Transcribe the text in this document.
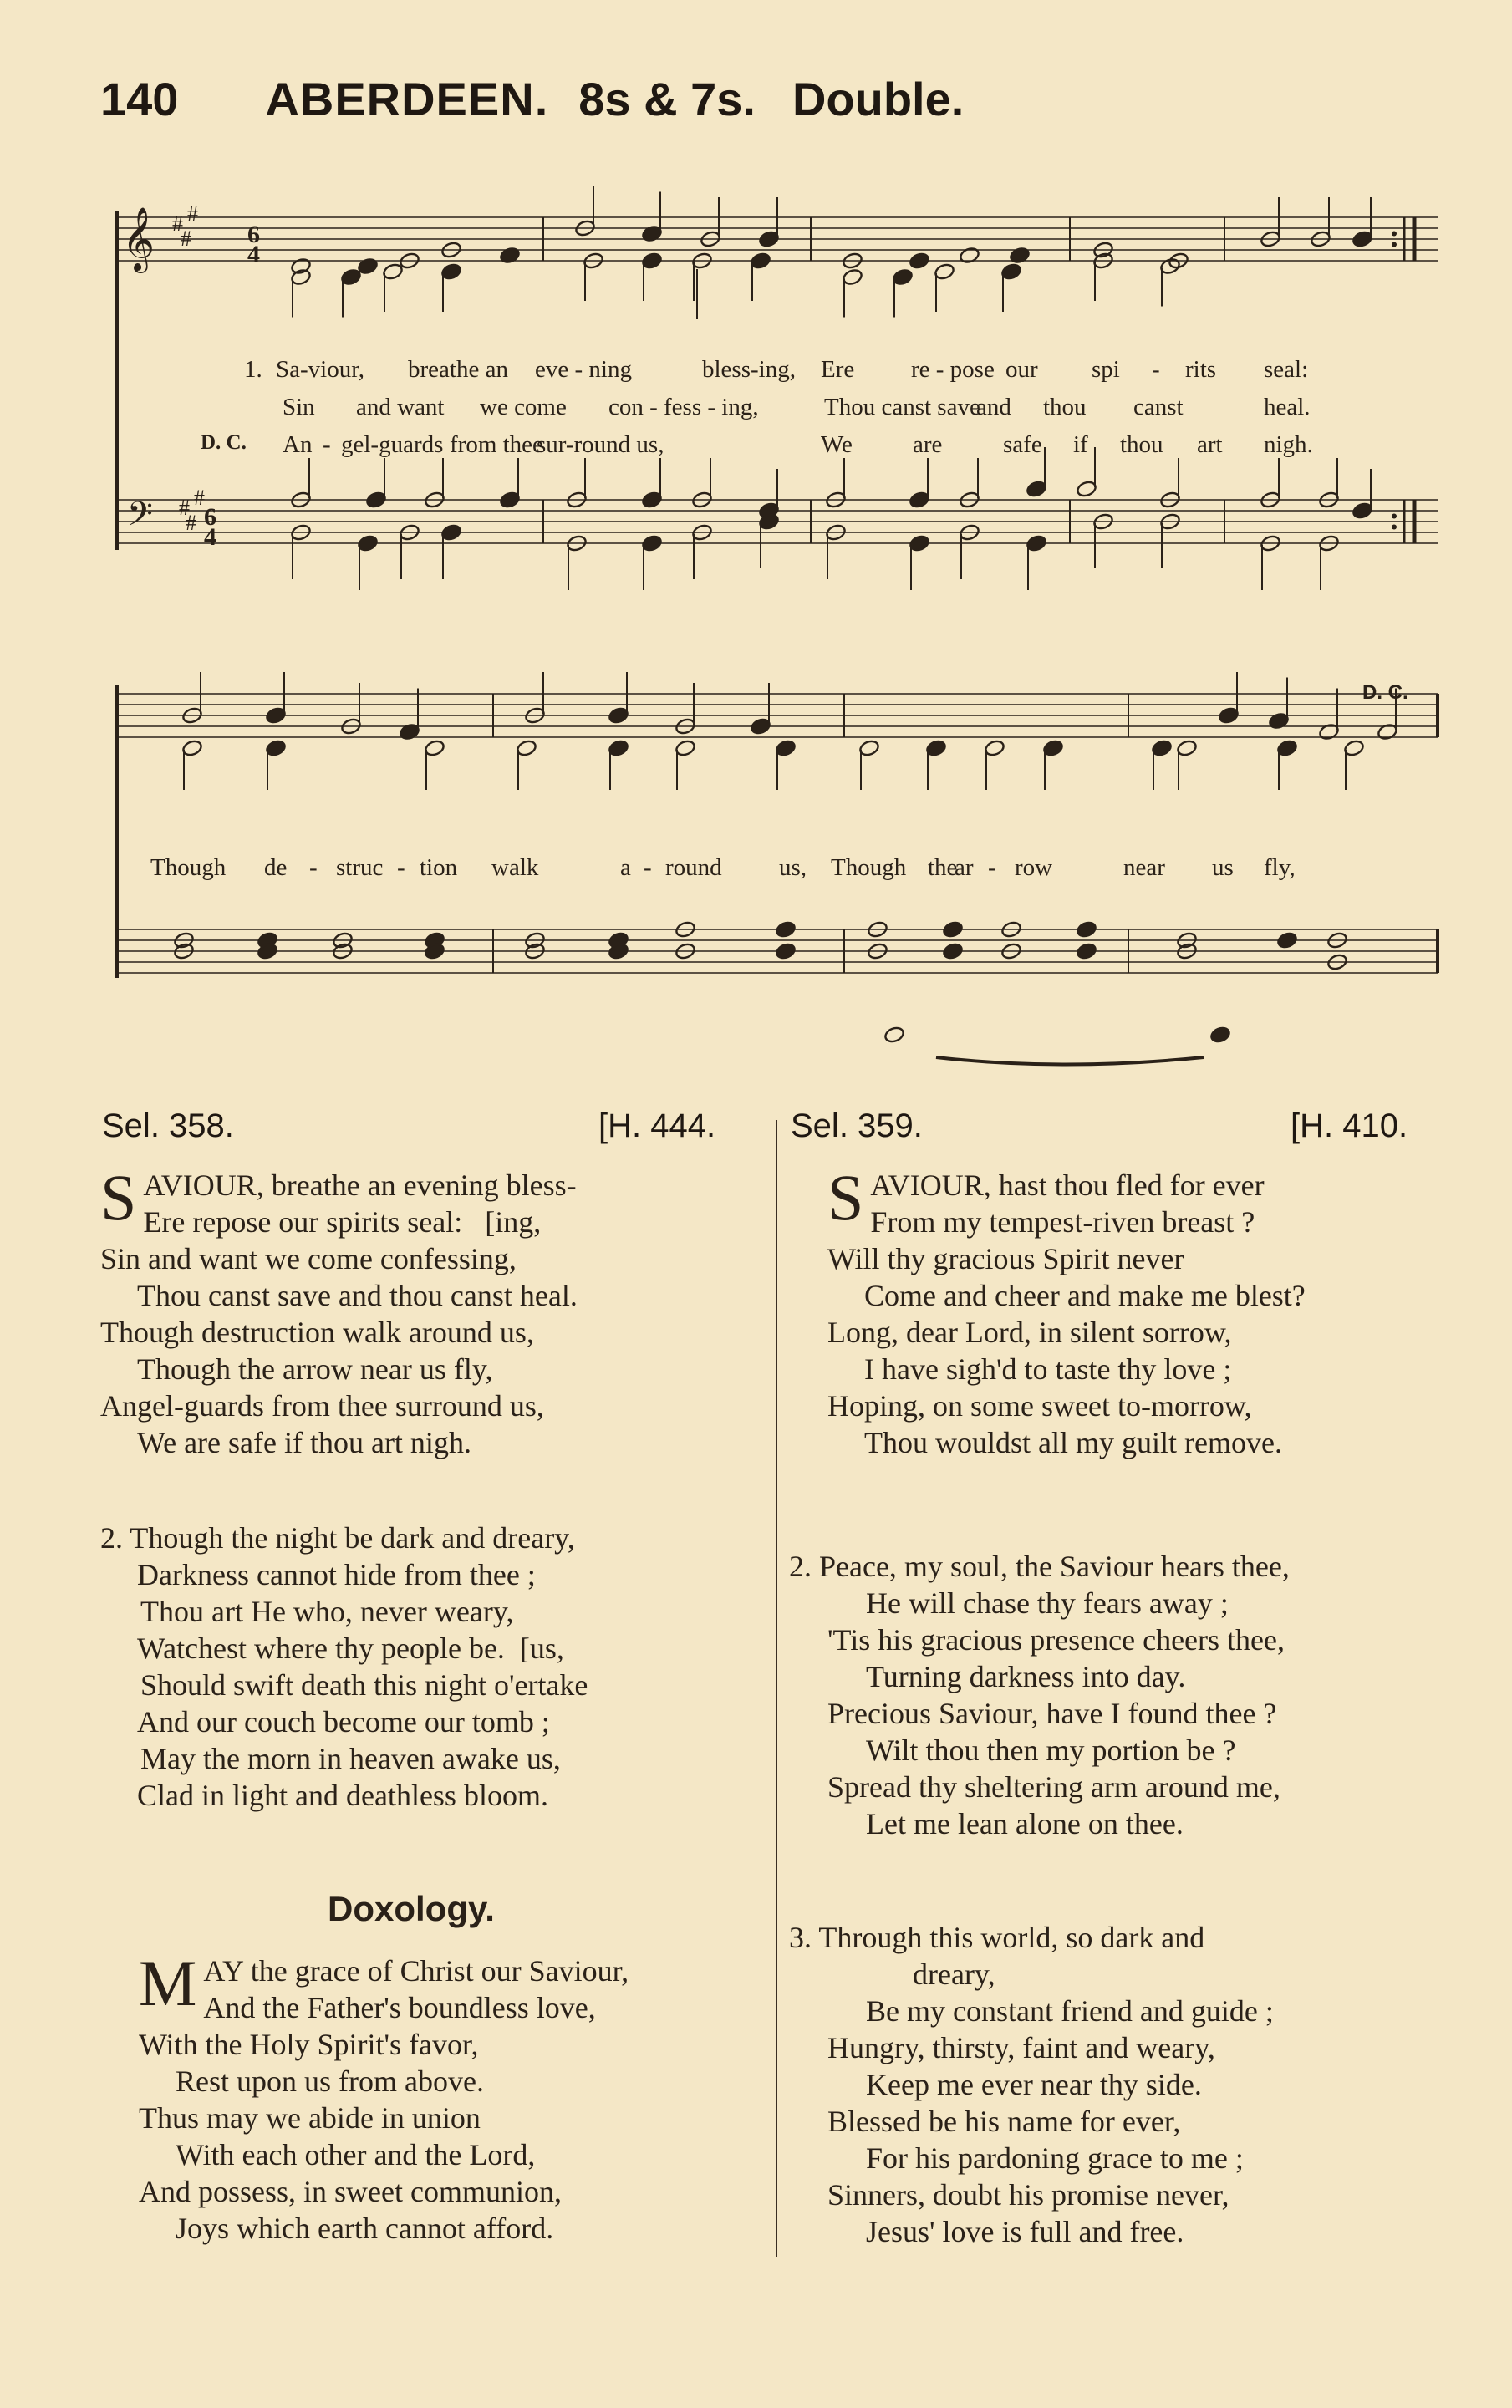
140 ABERDEEN. 8s & 7s. Double.
𝄞
𝄢
# #
#
# #
#
6
4
6
4
1. Sa-viour, breathe an eve - ning	bless-ing, Ere re - pose our spi - rits seal:
Sin and want we come con - fess - ing,	Thou canst save
and thou canst	heal.
D. C. An - gel-guards from thee
sur-round us,	We are	safe if thou art nigh.
D. C.
Though de - struc - tion walk	a - round us, Though the
ar - row	near us fly,
Sel. 358.	[H. 444.
S AVIOUR, breathe an evening bless-
Ere repose our spirits seal:   [ing,
Sin and want we come confessing,
Thou canst save and thou canst heal.
Though destruction walk around us,
Though the arrow near us fly,
Angel-guards from thee surround us,
We are safe if thou art nigh.
2. Though the night be dark and dreary,
Darkness cannot hide from thee ;
Thou art He who, never weary,
Watchest where thy people be.  [us,
Should swift death this night o'ertake
And our couch become our tomb ;
May the morn in heaven awake us,
Clad in light and deathless bloom.
Doxology.
M AY the grace of Christ our Saviour,
And the Father's boundless love,
With the Holy Spirit's favor,
Rest upon us from above.
Thus may we abide in union
With each other and the Lord,
And possess, in sweet communion,
Joys which earth cannot afford.
Sel. 359.	[H. 410.
S AVIOUR, hast thou fled for ever
From my tempest-riven breast ?
Will thy gracious Spirit never
Come and cheer and make me blest?
Long, dear Lord, in silent sorrow,
I have sigh'd to taste thy love ;
Hoping, on some sweet to-morrow,
Thou wouldst all my guilt remove.
2. Peace, my soul, the Saviour hears thee,
He will chase thy fears away ;
'Tis his gracious presence cheers thee,
Turning darkness into day.
Precious Saviour, have I found thee ?
Wilt thou then my portion be ?
Spread thy sheltering arm around me,
Let me lean alone on thee.
3. Through this world, so dark and
dreary,
Be my constant friend and guide ;
Hungry, thirsty, faint and weary,
Keep me ever near thy side.
Blessed be his name for ever,
For his pardoning grace to me ;
Sinners, doubt his promise never,
Jesus' love is full and free.
